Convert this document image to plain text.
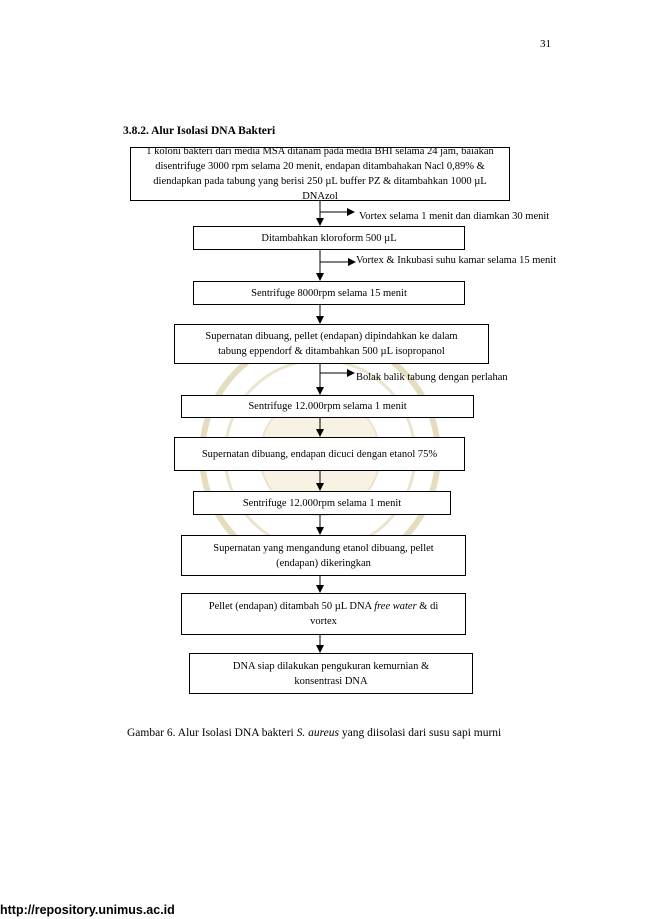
31
3.8.2. Alur Isolasi DNA Bakteri
1 koloni bakteri dari media MSA ditanam pada media BHI selama 24 jam, baiakan
disentrifuge 3000 rpm selama 20 menit, endapan ditambahakan Nacl 0,89% &
diendapkan pada tabung yang berisi 250 µL buffer PZ & ditambahkan 1000 µL DNAzol
Ditambahkan kloroform 500 µL
Sentrifuge 8000rpm selama 15 menit
Supernatan dibuang, pellet (endapan) dipindahkan ke dalam
tabung eppendorf & ditambahkan 500 µL isopropanol
Sentrifuge 12.000rpm selama 1 menit
Supernatan dibuang, endapan dicuci dengan etanol 75%
Sentrifuge 12.000rpm selama 1 menit
Supernatan yang mengandung etanol dibuang, pellet
(endapan) dikeringkan
Pellet (endapan) ditambah 50 µL DNA free water & di
vortex
DNA siap dilakukan pengukuran kemurnian &
konsentrasi DNA
Vortex selama 1 menit dan diamkan 30 menit
Vortex & Inkubasi suhu kamar selama 15 menit
Bolak balik tabung dengan perlahan
Gambar 6. Alur Isolasi DNA bakteri S. aureus yang diisolasi dari susu sapi murni
http://repository.unimus.ac.id
